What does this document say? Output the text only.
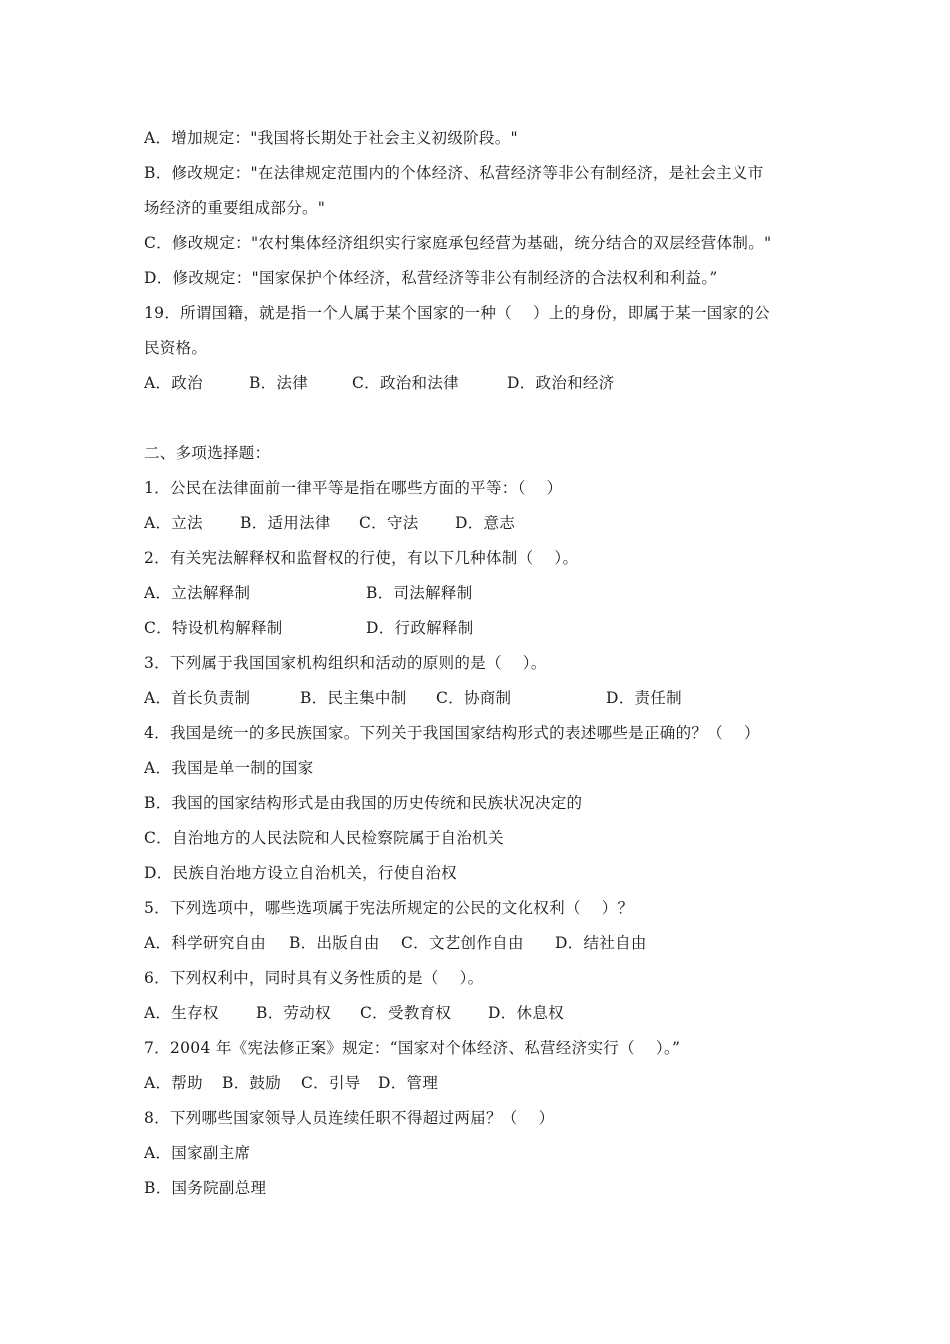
A．增加规定："我国将长期处于社会主义初级阶段。"
B．修改规定："在法律规定范围内的个体经济、私营经济等非公有制经济，是社会主义市
场经济的重要组成部分。"
C．修改规定："农村集体经济组织实行家庭承包经营为基础，统分结合的双层经营体制。"
D．修改规定："国家保护个体经济，私营经济等非公有制经济的合法权利和利益。”
19．所谓国籍，就是指一个人属于某个国家的一种（　 ）上的身份，即属于某一国家的公
民资格。
A．政治	B．法律	C．政治和法律	D．政治和经济
二、多项选择题：
1．公民在法律面前一律平等是指在哪些方面的平等：（　 ）
A．立法	B．适用法律	C．守法	D．意志
2．有关宪法解释权和监督权的行使，有以下几种体制（　 ）。
A．立法解释制	B．司法解释制
C．特设机构解释制	D．行政解释制
3．下列属于我国国家机构组织和活动的原则的是（　 ）。
A．首长负责制	B．民主集中制	C．协商制	D．责任制
4．我国是统一的多民族国家。下列关于我国国家结构形式的表述哪些是正确的？（　 ）
A．我国是单一制的国家
B．我国的国家结构形式是由我国的历史传统和民族状况决定的
C．自治地方的人民法院和人民检察院属于自治机关
D．民族自治地方设立自治机关，行使自治权
5．下列选项中，哪些选项属于宪法所规定的公民的文化权利（　 ）？
A．科学研究自由	B．出版自由	C．文艺创作自由	D．结社自由
6．下列权利中，同时具有义务性质的是（　 ）。
A．生存权	B．劳动权	C．受教育权	D．休息权
7．2004 年《宪法修正案》规定：“国家对个体经济、私营经济实行（　 ）。”
A．帮助	B．鼓励	C．引导	D．管理
8．下列哪些国家领导人员连续任职不得超过两届？（　 ）
A．国家副主席
B．国务院副总理
